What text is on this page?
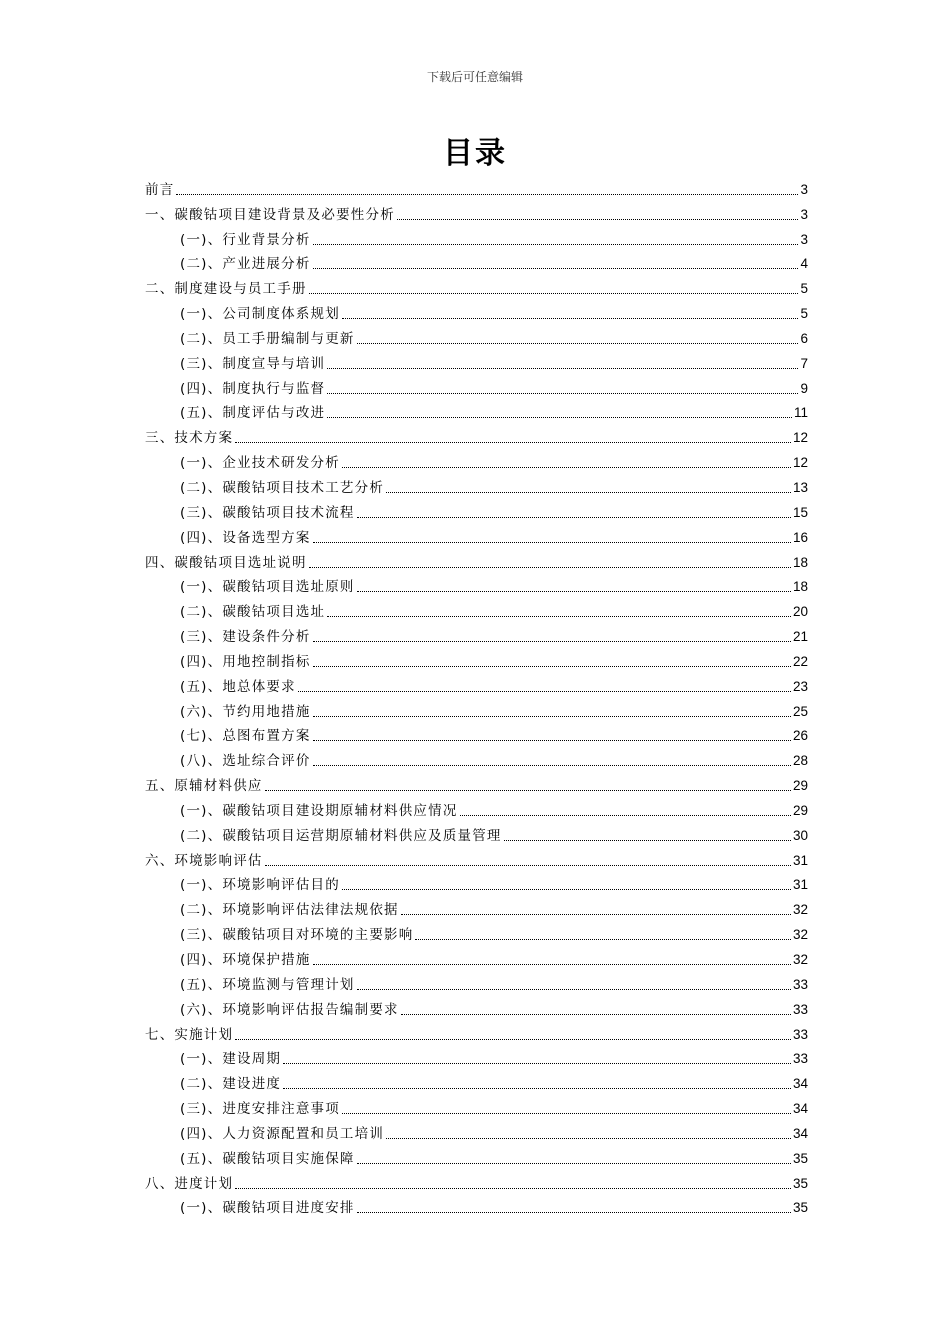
下载后可任意编辑
目录
前言	3
一、碳酸钴项目建设背景及必要性分析	3
(一)、行业背景分析	3
(二)、产业进展分析	4
二、制度建设与员工手册	5
(一)、公司制度体系规划	5
(二)、员工手册编制与更新	6
(三)、制度宣导与培训	7
(四)、制度执行与监督	9
(五)、制度评估与改进	11
三、技术方案	12
(一)、企业技术研发分析	12
(二)、碳酸钴项目技术工艺分析	13
(三)、碳酸钴项目技术流程	15
(四)、设备选型方案	16
四、碳酸钴项目选址说明	18
(一)、碳酸钴项目选址原则	18
(二)、碳酸钴项目选址	20
(三)、建设条件分析	21
(四)、用地控制指标	22
(五)、地总体要求	23
(六)、节约用地措施	25
(七)、总图布置方案	26
(八)、选址综合评价	28
五、原辅材料供应	29
(一)、碳酸钴项目建设期原辅材料供应情况	29
(二)、碳酸钴项目运营期原辅材料供应及质量管理	30
六、环境影响评估	31
(一)、环境影响评估目的	31
(二)、环境影响评估法律法规依据	32
(三)、碳酸钴项目对环境的主要影响	32
(四)、环境保护措施	32
(五)、环境监测与管理计划	33
(六)、环境影响评估报告编制要求	33
七、实施计划	33
(一)、建设周期	33
(二)、建设进度	34
(三)、进度安排注意事项	34
(四)、人力资源配置和员工培训	34
(五)、碳酸钴项目实施保障	35
八、进度计划	35
(一)、碳酸钴项目进度安排	35
